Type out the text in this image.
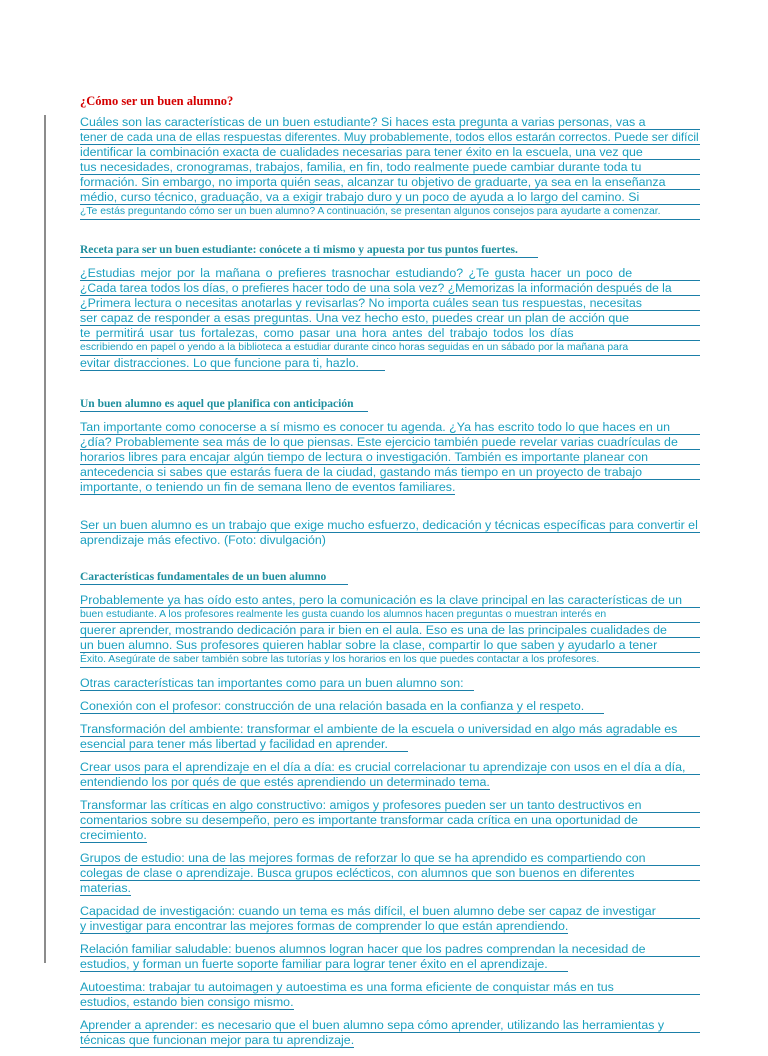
¿Cómo ser un buen alumno?

Cuáles son las características de un buen estudiante? Si haces esta pregunta a varias personas, vas a
tener de cada una de ellas respuestas diferentes. Muy probablemente, todos ellos estarán correctos. Puede ser difícil
identificar la combinación exacta de cualidades necesarias para tener éxito en la escuela, una vez que
tus necesidades, cronogramas, trabajos, familia, en fin, todo realmente puede cambiar durante toda tu
formación. Sin embargo, no importa quién seas, alcanzar tu objetivo de graduarte, ya sea en la enseñanza
médio, curso técnico, graduação, va a exigir trabajo duro y un poco de ayuda a lo largo del camino. Si
¿Te estás preguntando cómo ser un buen alumno? A continuación, se presentan algunos consejos para ayudarte a comenzar.

Receta para ser un buen estudiante: conócete a ti mismo y apuesta por tus puntos fuertes.

¿Estudias mejor por la mañana o prefieres trasnochar estudiando? ¿Te gusta hacer un poco de
¿Cada tarea todos los días, o prefieres hacer todo de una sola vez? ¿Memorizas la información después de la
¿Primera lectura o necesitas anotarlas y revisarlas? No importa cuáles sean tus respuestas, necesitas
ser capaz de responder a esas preguntas. Una vez hecho esto, puedes crear un plan de acción que
te permitirá usar tus fortalezas, como pasar una hora antes del trabajo todos los días
escribiendo en papel o yendo a la biblioteca a estudiar durante cinco horas seguidas en un sábado por la mañana para
evitar distracciones. Lo que funcione para ti, hazlo.

Un buen alumno es aquel que planifica con anticipación

Tan importante como conocerse a sí mismo es conocer tu agenda. ¿Ya has escrito todo lo que haces en un
¿día? Probablemente sea más de lo que piensas. Este ejercicio también puede revelar varias cuadrículas de
horarios libres para encajar algún tiempo de lectura o investigación. También es importante planear con
antecedencia si sabes que estarás fuera de la ciudad, gastando más tiempo en un proyecto de trabajo
importante, o teniendo un fin de semana lleno de eventos familiares.
Ser un buen alumno es un trabajo que exige mucho esfuerzo, dedicación y técnicas específicas para convertir el
aprendizaje más efectivo. (Foto: divulgación)

Características fundamentales de un buen alumno

Probablemente ya has oído esto antes, pero la comunicación es la clave principal en las características de un
buen estudiante. A los profesores realmente les gusta cuando los alumnos hacen preguntas o muestran interés en
querer aprender, mostrando dedicación para ir bien en el aula. Eso es una de las principales cualidades de
un buen alumno. Sus profesores quieren hablar sobre la clase, compartir lo que saben y ayudarlo a tener
Éxito. Asegúrate de saber también sobre las tutorías y los horarios en los que puedes contactar a los profesores.

Otras características tan importantes como para un buen alumno son:

Conexión con el profesor: construcción de una relación basada en la confianza y el respeto.
Transformación del ambiente: transformar el ambiente de la escuela o universidad en algo más agradable es
esencial para tener más libertad y facilidad en aprender.
Crear usos para el aprendizaje en el día a día: es crucial correlacionar tu aprendizaje con usos en el día a día,
entendiendo los por qués de que estés aprendiendo un determinado tema.
Transformar las críticas en algo constructivo: amigos y profesores pueden ser un tanto destructivos en
comentarios sobre su desempeño, pero es importante transformar cada crítica en una oportunidad de
crecimiento.
Grupos de estudio: una de las mejores formas de reforzar lo que se ha aprendido es compartiendo con
colegas de clase o aprendizaje. Busca grupos eclécticos, con alumnos que son buenos en diferentes
materias.
Capacidad de investigación: cuando un tema es más difícil, el buen alumno debe ser capaz de investigar
y investigar para encontrar las mejores formas de comprender lo que están aprendiendo.
Relación familiar saludable: buenos alumnos logran hacer que los padres comprendan la necesidad de
estudios, y forman un fuerte soporte familiar para lograr tener éxito en el aprendizaje.
Autoestima: trabajar tu autoimagen y autoestima es una forma eficiente de conquistar más en tus
estudios, estando bien consigo mismo.
Aprender a aprender: es necesario que el buen alumno sepa cómo aprender, utilizando las herramientas y
técnicas que funcionan mejor para tu aprendizaje.
